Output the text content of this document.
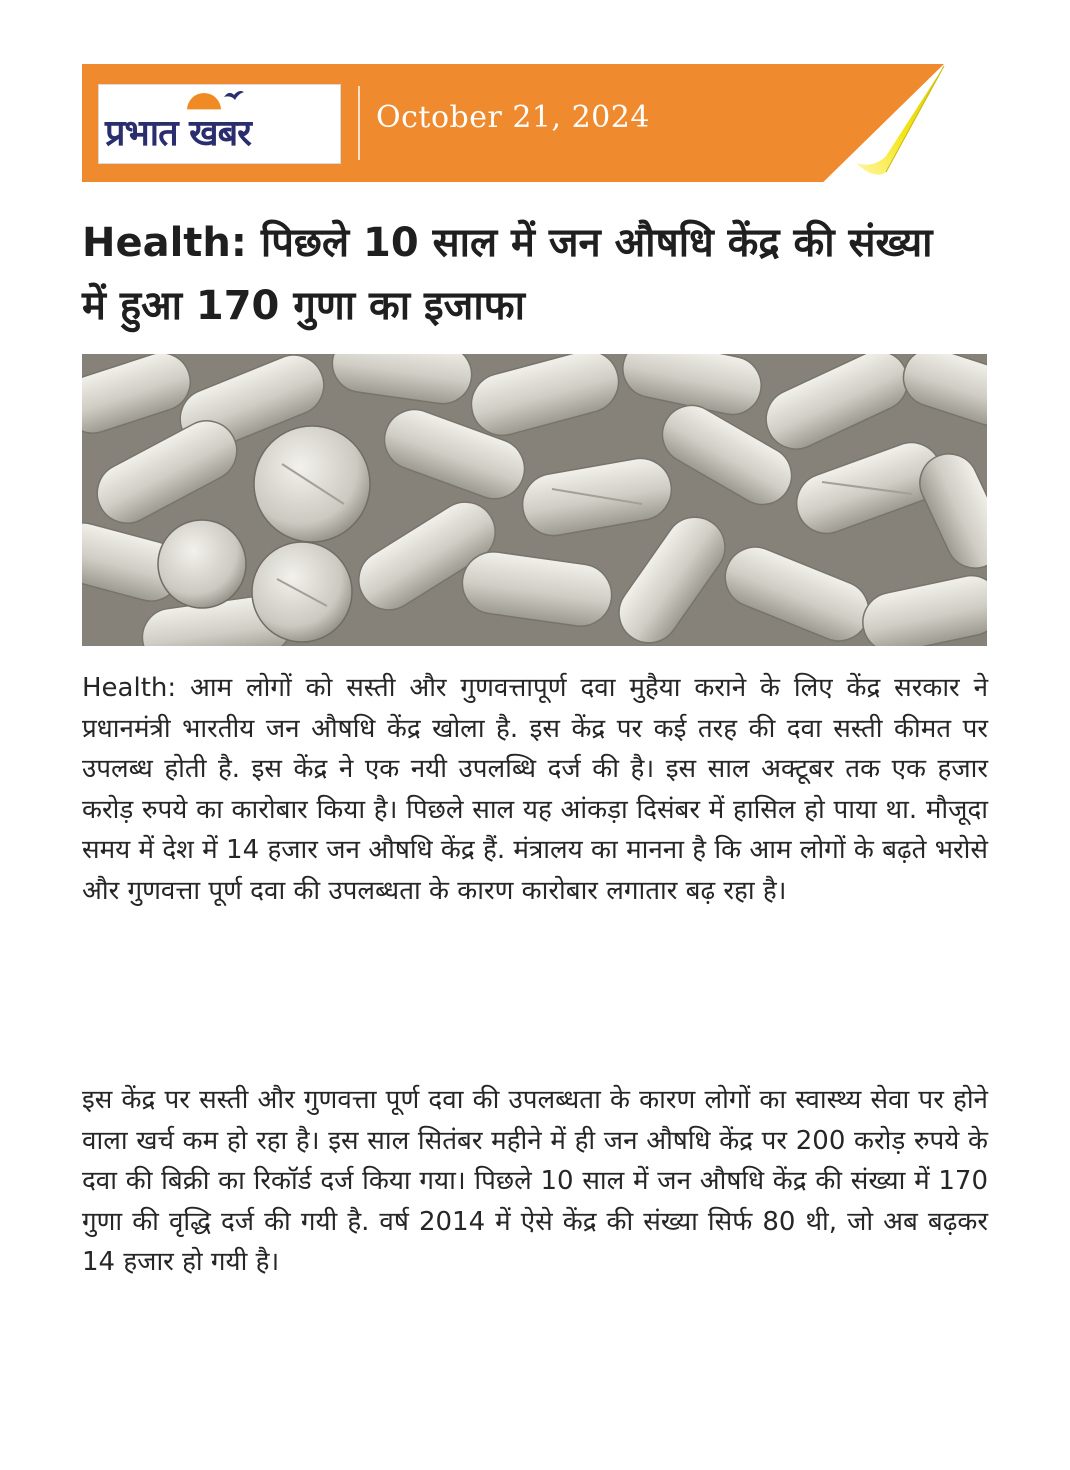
प्रभात खबर	October 21, 2024
Health: पिछले 10 साल में जन औषधि केंद्र की संख्या में हुआ 170 गुणा का इजाफा

Health: आम लोगों को सस्ती और गुणवत्तापूर्ण दवा मुहैया कराने के लिए केंद्र सरकार ने प्रधानमंत्री भारतीय जन औषधि केंद्र खोला है. इस केंद्र पर कई तरह की दवा सस्ती कीमत पर उपलब्ध होती है. इस केंद्र ने एक नयी उपलब्धि दर्ज की है। इस साल अक्टूबर तक एक हजार करोड़ रुपये का कारोबार किया है। पिछले साल यह आंकड़ा दिसंबर में हासिल हो पाया था. मौजूदा समय में देश में 14 हजार जन औषधि केंद्र हैं. मंत्रालय का मानना है कि आम लोगों के बढ़ते भरोसे और गुणवत्ता पूर्ण दवा की उपलब्धता के कारण कारोबार लगातार बढ़ रहा है।

इस केंद्र पर सस्ती और गुणवत्ता पूर्ण दवा की उपलब्धता के कारण लोगों का स्वास्थ्य सेवा पर होने वाला खर्च कम हो रहा है। इस साल सितंबर महीने में ही जन औषधि केंद्र पर 200 करोड़ रुपये के दवा की बिक्री का रिकॉर्ड दर्ज किया गया। पिछले 10 साल में जन औषधि केंद्र की संख्या में 170 गुणा की वृद्धि दर्ज की गयी है. वर्ष 2014 में ऐसे केंद्र की संख्या सिर्फ 80 थी, जो अब बढ़कर 14 हजार हो गयी है।
